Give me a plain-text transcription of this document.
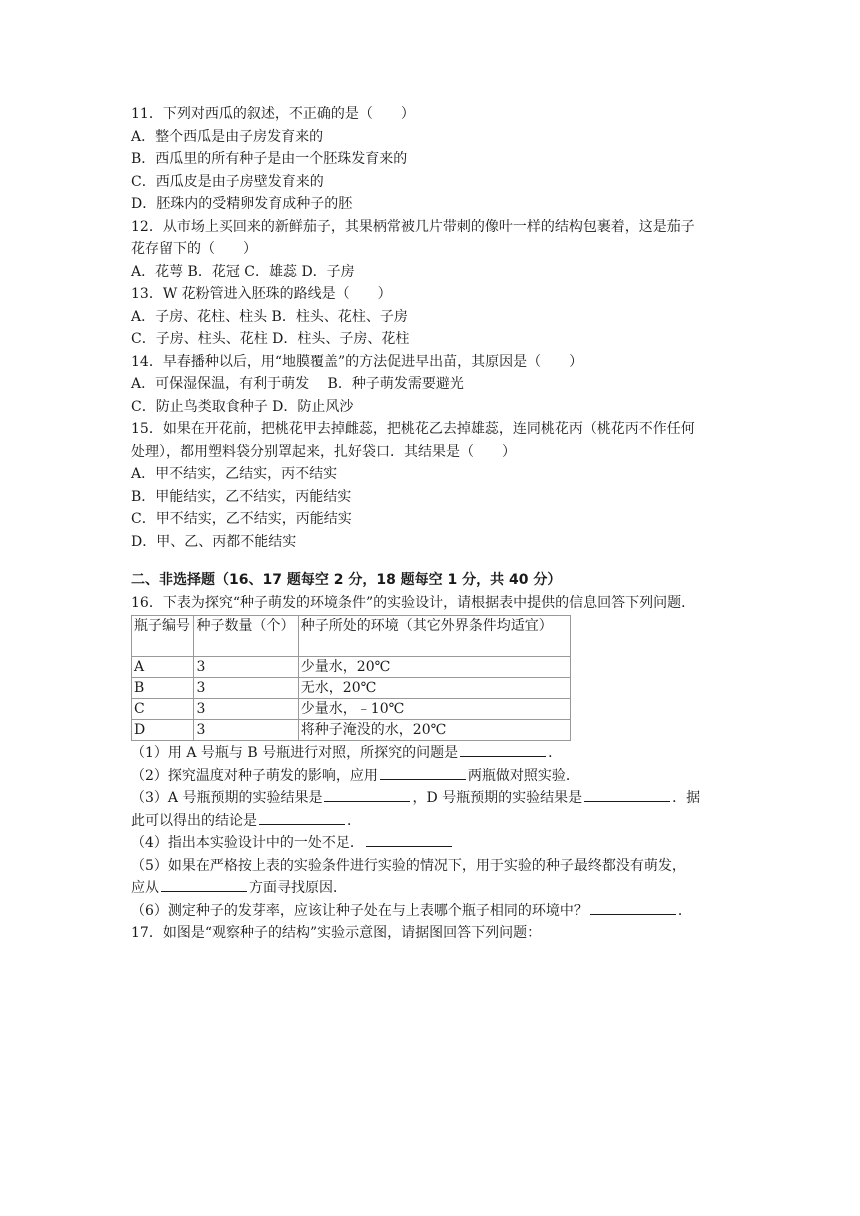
11．下列对西瓜的叙述，不正确的是（　　）
A．整个西瓜是由子房发育来的
B．西瓜里的所有种子是由一个胚珠发育来的
C．西瓜皮是由子房壁发育来的
D．胚珠内的受精卵发育成种子的胚
12．从市场上买回来的新鲜茄子，其果柄常被几片带刺的像叶一样的结构包裹着，这是茄子
花存留下的（　　）
A．花萼 B．花冠 C．雄蕊 D．子房
13．W 花粉管进入胚珠的路线是（　　）
A．子房、花柱、柱头 B．柱头、花柱、子房
C．子房、柱头、花柱 D．柱头、子房、花柱
14．早春播种以后，用“地膜覆盖”的方法促进早出苗，其原因是（　　）
A．可保湿保温，有利于萌发　 B．种子萌发需要避光
C．防止鸟类取食种子 D．防止风沙
15．如果在开花前，把桃花甲去掉雌蕊，把桃花乙去掉雄蕊，连同桃花丙（桃花丙不作任何
处理），都用塑料袋分别罩起来，扎好袋口．其结果是（　　）
A．甲不结实，乙结实，丙不结实
B．甲能结实，乙不结实，丙能结实
C．甲不结实，乙不结实，丙能结实
D．甲、乙、丙都不能结实
二、非选择题（16、17 题每空 2 分，18 题每空 1 分，共 40 分）
16．下表为探究“种子萌发的环境条件”的实验设计，请根据表中提供的信息回答下列问题．
瓶子编号	种子数量（个）	种子所处的环境（其它外界条件均适宜）
A	3	少量水，20℃
B	3	无水，20℃
C	3	少量水，﹣10℃
D	3	将种子淹没的水，20℃
（1）用 A 号瓶与 B 号瓶进行对照，所探究的问题是	．
（2）探究温度对种子萌发的影响，应用	两瓶做对照实验．
（3）A 号瓶预期的实验结果是	，D 号瓶预期的实验结果是	．据
此可以得出的结论是	．
（4）指出本实验设计中的一处不足．
（5）如果在严格按上表的实验条件进行实验的情况下，用于实验的种子最终都没有萌发，
应从	方面寻找原因．
（6）测定种子的发芽率，应该让种子处在与上表哪个瓶子相同的环境中？	．
17．如图是“观察种子的结构”实验示意图，请据图回答下列问题：
